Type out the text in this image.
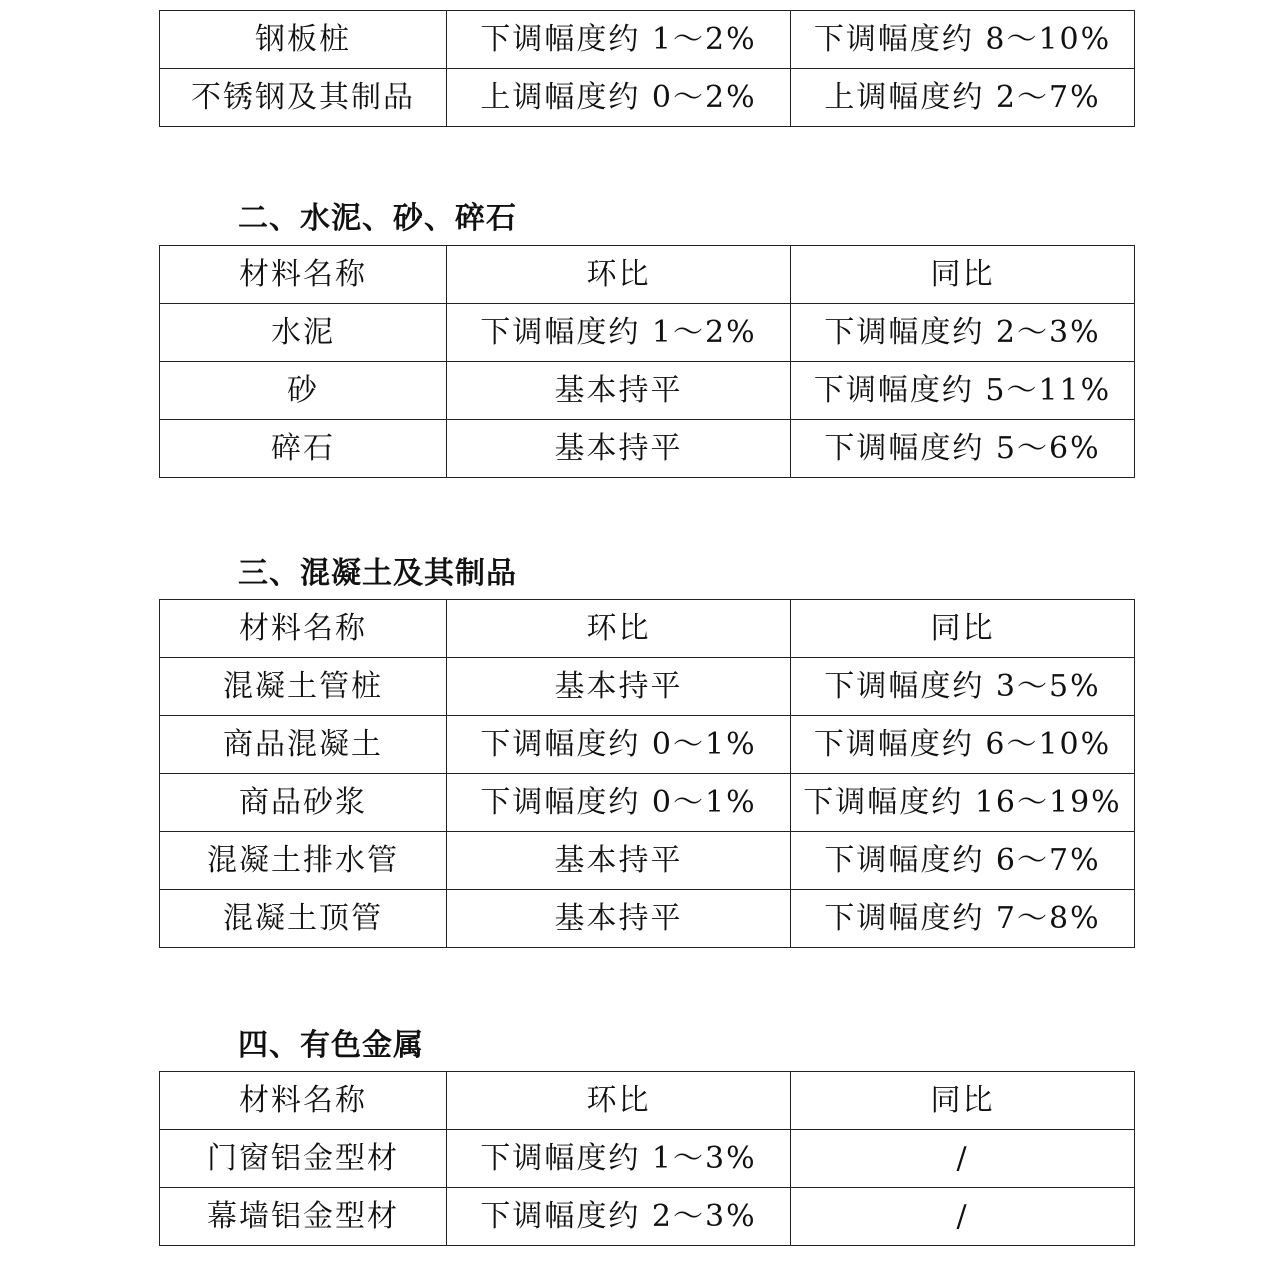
钢板桩	下调幅度约 1～2%	下调幅度约 8～10%
不锈钢及其制品	上调幅度约 0～2%	上调幅度约 2～7%
二、水泥、砂、碎石
材料名称	环比	同比
水泥	下调幅度约 1～2%	下调幅度约 2～3%
砂	基本持平	下调幅度约 5～11%
碎石	基本持平	下调幅度约 5～6%
三、混凝土及其制品
材料名称	环比	同比
混凝土管桩	基本持平	下调幅度约 3～5%
商品混凝土	下调幅度约 0～1%	下调幅度约 6～10%
商品砂浆	下调幅度约 0～1%	下调幅度约 16～19%
混凝土排水管	基本持平	下调幅度约 6～7%
混凝土顶管	基本持平	下调幅度约 7～8%
四、有色金属
材料名称	环比	同比
门窗铝金型材	下调幅度约 1～3%	/
幕墙铝金型材	下调幅度约 2～3%	/
